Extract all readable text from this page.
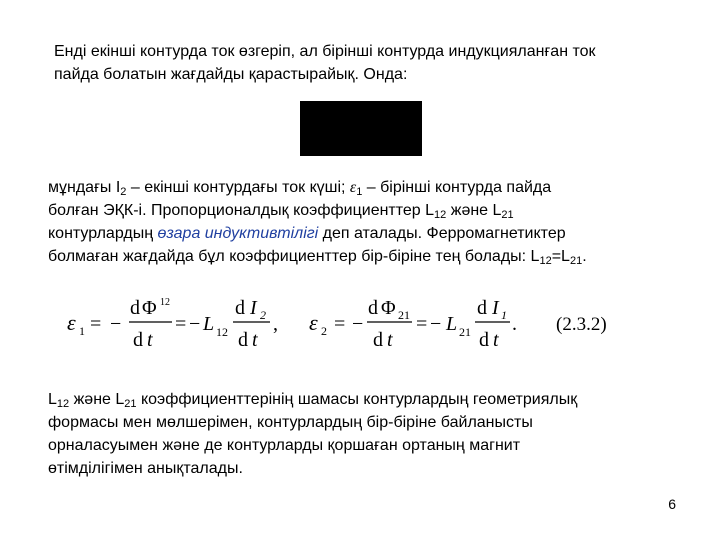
Енді екінші контурда ток өзгеріп, ал бірінші контурда индукцияланған ток
пайда болатын жағдайды қарастырайық. Онда:

мұндағы $I_2$ – екінші контурдағы ток күші; $\varepsilon_1$ – бірінші контурда пайда
болған ЭҚК-і. Пропорционалдық коэффициенттер $L_{12}$ және $L_{21}$
контурлардың өзара индуктивтілігі деп аталады. Ферромагнетиктер
болмаған жағдайда бұл коэффициенттер бір-біріне тең болады: $L_{12}=L_{21}$.

ε 1 = −
d Φ 12
d t
= − L 12
d I 2
d t
, ε 2 = −
d Φ 21
d t
= − L 21
d I 1
d t
. (2.3.2)

$L_{12}$ және $L_{21}$ коэффициенттерінің шамасы контурлардың геометриялық
формасы мен мөлшерімен, контурлардың бір-біріне байланысты
орналасуымен және де контурларды қоршаған ортаның магнит
өтімділігімен анықталады.

6
